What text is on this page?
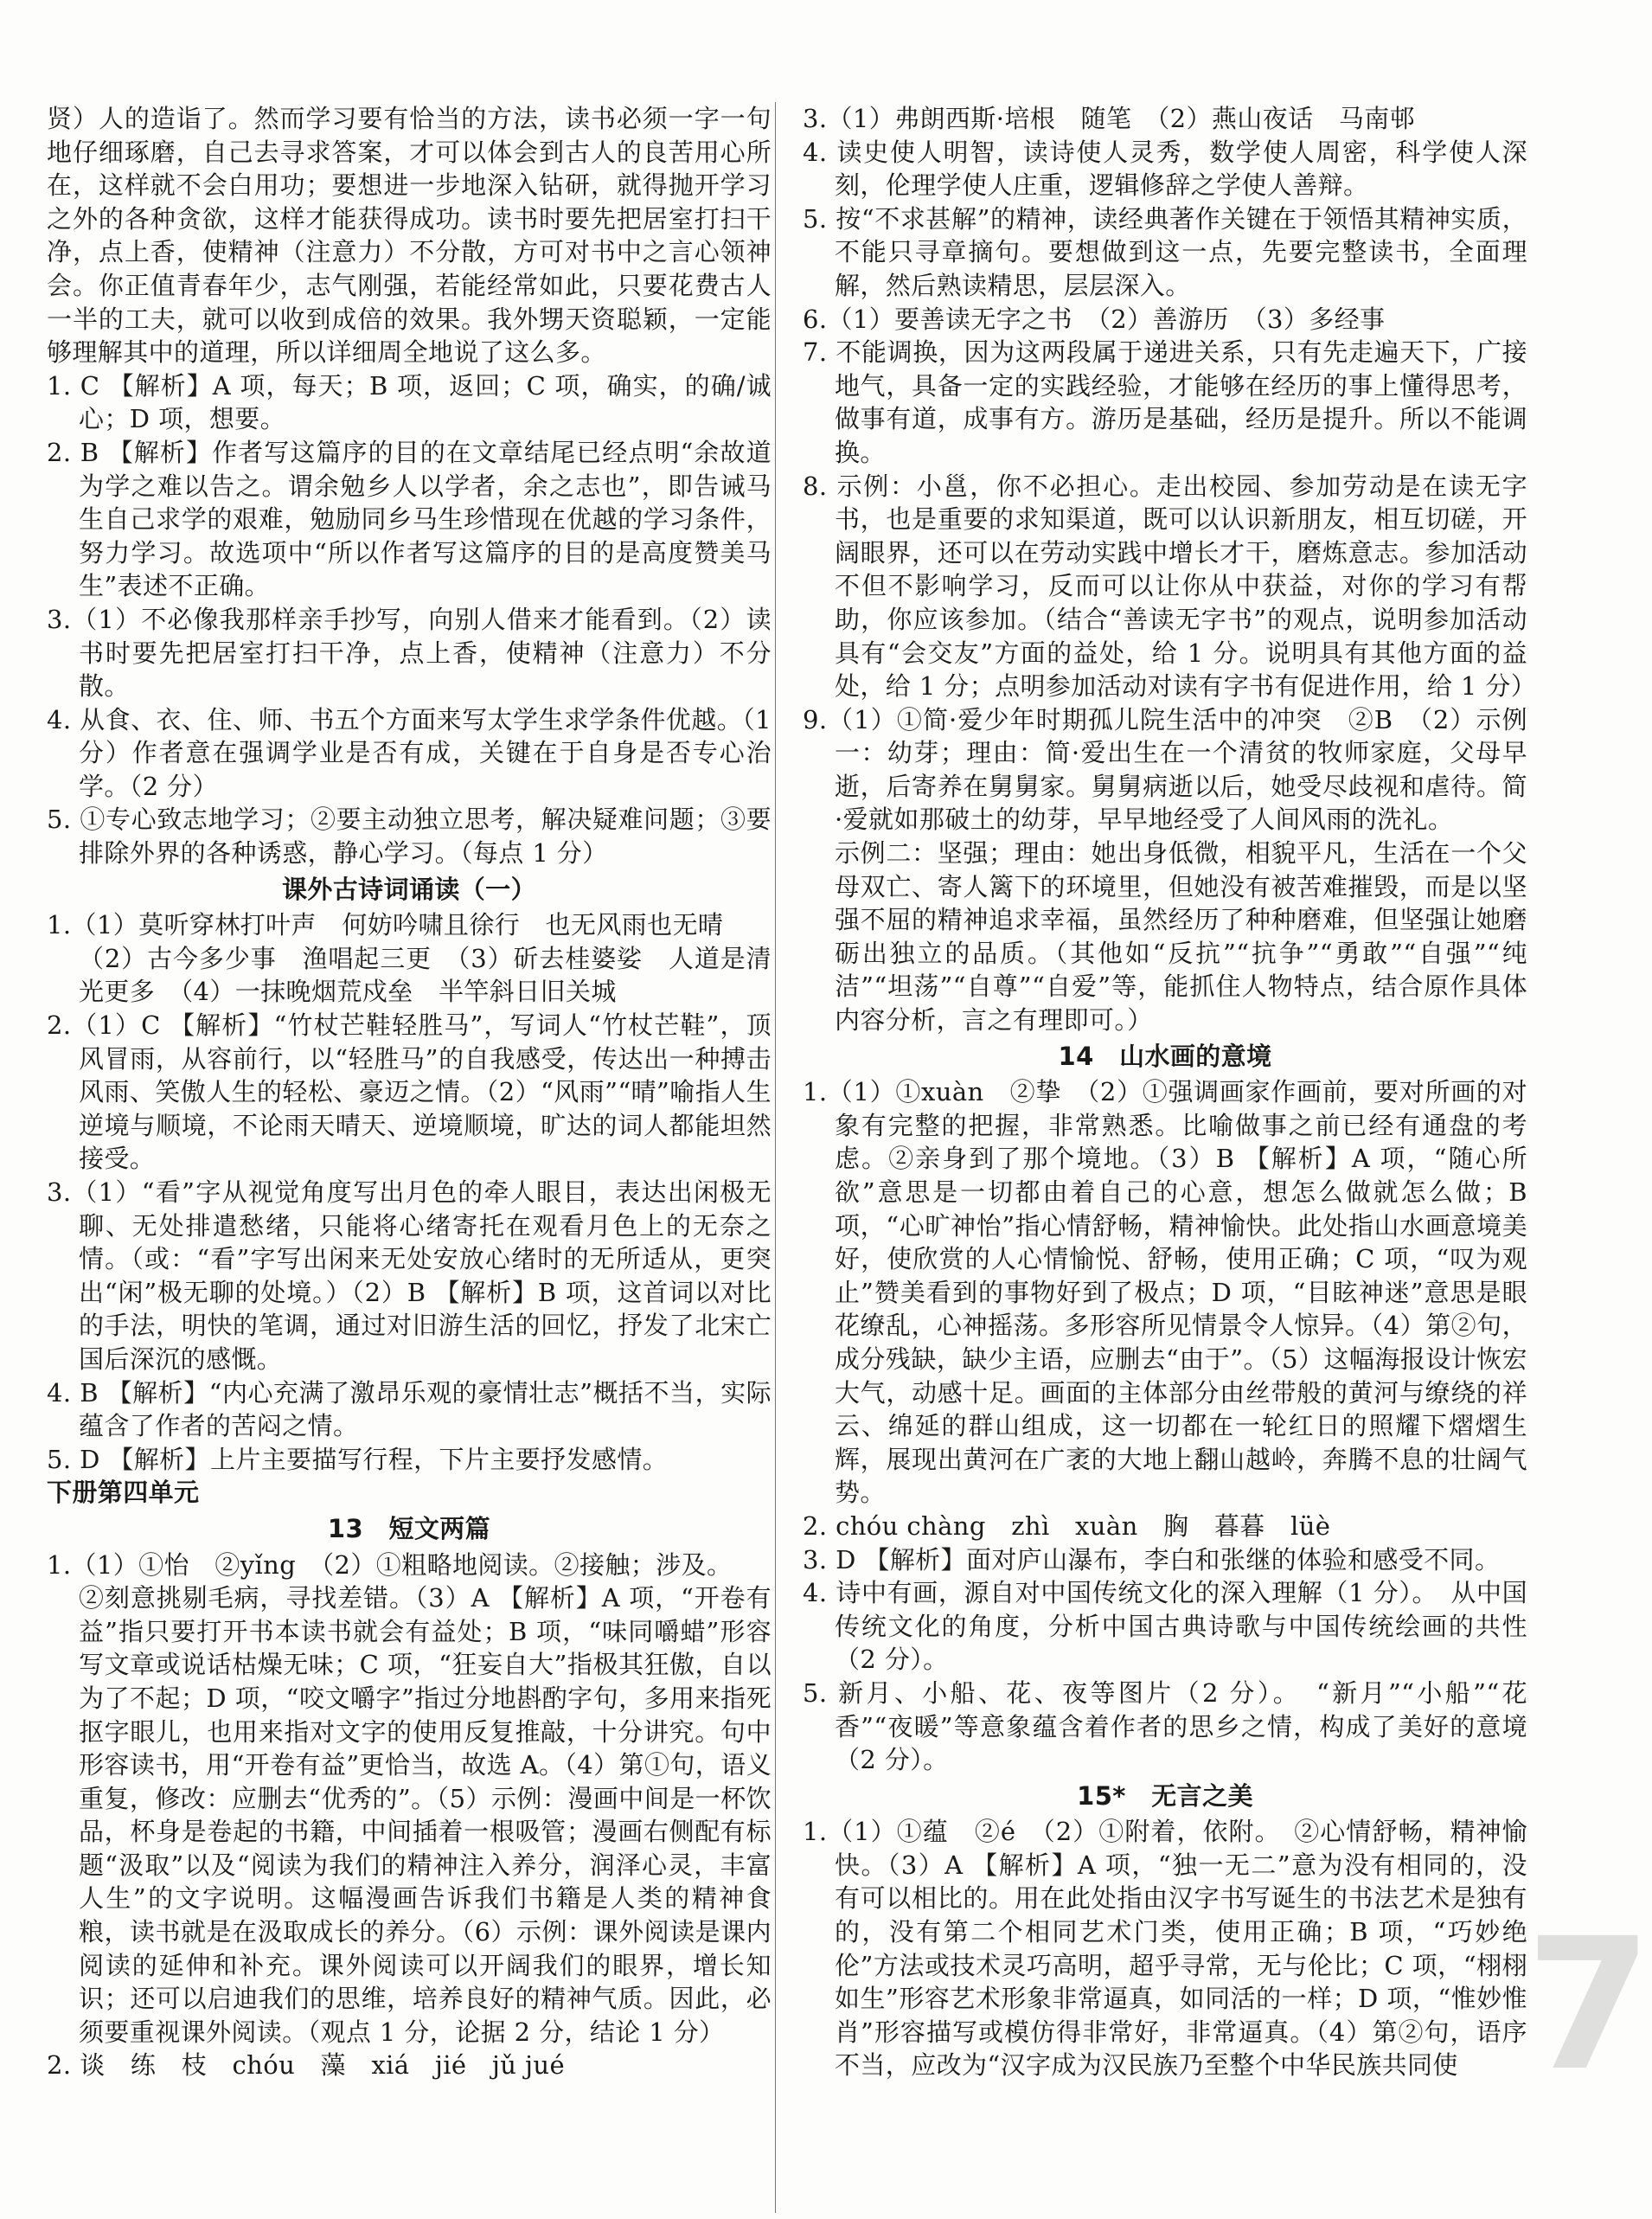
贤）人的造诣了。然而学习要有恰当的方法，读书必须一字一句地仔细琢磨，自己去寻求答案，才可以体会到古人的良苦用心所在，这样就不会白用功；要想进一步地深入钻研，就得抛开学习之外的各种贪欲，这样才能获得成功。读书时要先把居室打扫干净，点上香，使精神（注意力）不分散，方可对书中之言心领神会。你正值青春年少，志气刚强，若能经常如此，只要花费古人一半的工夫，就可以收到成倍的效果。我外甥天资聪颖，一定能够理解其中的道理，所以详细周全地说了这么多。

1. C 【解析】A 项，每天；B 项，返回；C 项，确实，的确/诚心；D 项，想要。

2. B 【解析】作者写这篇序的目的在文章结尾已经点明“余故道为学之难以告之。谓余勉乡人以学者，余之志也”，即告诫马生自己求学的艰难，勉励同乡马生珍惜现在优越的学习条件，努力学习。故选项中“所以作者写这篇序的目的是高度赞美马生”表述不正确。

3.（1）不必像我那样亲手抄写，向别人借来才能看到。（2）读书时要先把居室打扫干净，点上香，使精神（注意力）不分散。

4. 从食、衣、住、师、书五个方面来写太学生求学条件优越。（1 分）作者意在强调学业是否有成，关键在于自身是否专心治学。（2 分）

5. ①专心致志地学习；②要主动独立思考，解决疑难问题；③要排除外界的各种诱惑，静心学习。（每点 1 分）

课外古诗词诵读（一）

1.（1）莫听穿林打叶声　何妨吟啸且徐行　也无风雨也无晴

（2）古今多少事　渔唱起三更　（3）斫去桂婆娑　人道是清光更多　（4）一抹晚烟荒戍垒　半竿斜日旧关城

2.（1）C 【解析】“竹杖芒鞋轻胜马”，写词人“竹杖芒鞋”，顶风冒雨，从容前行，以“轻胜马”的自我感受，传达出一种搏击风雨、笑傲人生的轻松、豪迈之情。（2）“风雨”“晴”喻指人生逆境与顺境，不论雨天晴天、逆境顺境，旷达的词人都能坦然接受。

3.（1）“看”字从视觉角度写出月色的牵人眼目，表达出闲极无聊、无处排遣愁绪，只能将心绪寄托在观看月色上的无奈之情。（或：“看”字写出闲来无处安放心绪时的无所适从，更突出“闲”极无聊的处境。）（2）B 【解析】B 项，这首词以对比的手法，明快的笔调，通过对旧游生活的回忆，抒发了北宋亡国后深沉的感慨。

4. B 【解析】“内心充满了激昂乐观的豪情壮志”概括不当，实际蕴含了作者的苦闷之情。

5. D 【解析】上片主要描写行程，下片主要抒发感情。

下册第四单元

13　短文两篇

1.（1）①怡　②yǐng　（2）①粗略地阅读。②接触；涉及。

②刻意挑剔毛病，寻找差错。（3）A 【解析】A 项，“开卷有益”指只要打开书本读书就会有益处；B 项，“味同嚼蜡”形容写文章或说话枯燥无味；C 项，“狂妄自大”指极其狂傲，自以为了不起；D 项，“咬文嚼字”指过分地斟酌字句，多用来指死抠字眼儿，也用来指对文字的使用反复推敲，十分讲究。句中形容读书，用“开卷有益”更恰当，故选 A。（4）第①句，语义重复，修改：应删去“优秀的”。（5）示例：漫画中间是一杯饮品，杯身是卷起的书籍，中间插着一根吸管；漫画右侧配有标题“汲取”以及“阅读为我们的精神注入养分，润泽心灵，丰富人生”的文字说明。这幅漫画告诉我们书籍是人类的精神食粮，读书就是在汲取成长的养分。（6）示例：课外阅读是课内阅读的延伸和补充。课外阅读可以开阔我们的眼界，增长知识；还可以启迪我们的思维，培养良好的精神气质。因此，必须要重视课外阅读。（观点 1 分，论据 2 分，结论 1 分）

2. 谈　练　枝　chóu　藻　xiá　jié　jǔ jué

3.（1）弗朗西斯·培根　随笔　（2）燕山夜话　马南邨

4. 读史使人明智，读诗使人灵秀，数学使人周密，科学使人深刻，伦理学使人庄重，逻辑修辞之学使人善辩。

5. 按“不求甚解”的精神，读经典著作关键在于领悟其精神实质，不能只寻章摘句。要想做到这一点，先要完整读书，全面理解，然后熟读精思，层层深入。

6.（1）要善读无字之书　（2）善游历　（3）多经事

7. 不能调换，因为这两段属于递进关系，只有先走遍天下，广接地气，具备一定的实践经验，才能够在经历的事上懂得思考，做事有道，成事有方。游历是基础，经历是提升。所以不能调换。

8. 示例：小邕，你不必担心。走出校园、参加劳动是在读无字书，也是重要的求知渠道，既可以认识新朋友，相互切磋，开阔眼界，还可以在劳动实践中增长才干，磨炼意志。参加活动不但不影响学习，反而可以让你从中获益，对你的学习有帮助，你应该参加。（结合“善读无字书”的观点，说明参加活动具有“会交友”方面的益处，给 1 分。说明具有其他方面的益处，给 1 分；点明参加活动对读有字书有促进作用，给 1 分）

9.（1）①简·爱少年时期孤儿院生活中的冲突　②B　（2）示例一：幼芽；理由：简·爱出生在一个清贫的牧师家庭，父母早逝，后寄养在舅舅家。舅舅病逝以后，她受尽歧视和虐待。简·爱就如那破土的幼芽，早早地经受了人间风雨的洗礼。

示例二：坚强；理由：她出身低微，相貌平凡，生活在一个父母双亡、寄人篱下的环境里，但她没有被苦难摧毁，而是以坚强不屈的精神追求幸福，虽然经历了种种磨难，但坚强让她磨砺出独立的品质。（其他如“反抗”“抗争”“勇敢”“自强”“纯洁”“坦荡”“自尊”“自爱”等，能抓住人物特点，结合原作具体内容分析，言之有理即可。）

14　山水画的意境

1.（1）①xuàn　②挚　（2）①强调画家作画前，要对所画的对象有完整的把握，非常熟悉。比喻做事之前已经有通盘的考虑。②亲身到了那个境地。（3）B 【解析】A 项，“随心所欲”意思是一切都由着自己的心意，想怎么做就怎么做；B 项，“心旷神怡”指心情舒畅，精神愉快。此处指山水画意境美好，使欣赏的人心情愉悦、舒畅，使用正确；C 项，“叹为观止”赞美看到的事物好到了极点；D 项，“目眩神迷”意思是眼花缭乱，心神摇荡。多形容所见情景令人惊异。（4）第②句，成分残缺，缺少主语，应删去“由于”。（5）这幅海报设计恢宏大气，动感十足。画面的主体部分由丝带般的黄河与缭绕的祥云、绵延的群山组成，这一切都在一轮红日的照耀下熠熠生辉，展现出黄河在广袤的大地上翻山越岭，奔腾不息的壮阔气势。

2. chóu chàng　zhì　xuàn　胸　暮暮　lüè

3. D 【解析】面对庐山瀑布，李白和张继的体验和感受不同。

4. 诗中有画，源自对中国传统文化的深入理解（1 分）。　从中国传统文化的角度，分析中国古典诗歌与中国传统绘画的共性（2 分）。

5. 新月、小船、花、夜等图片（2 分）。　“新月”“小船”“花香”“夜暖”等意象蕴含着作者的思乡之情，构成了美好的意境（2 分）。

15*　无言之美

1.（1）①蕴　②é　（2）①附着，依附。　②心情舒畅，精神愉快。（3）A 【解析】A 项，“独一无二”意为没有相同的，没有可以相比的。用在此处指由汉字书写诞生的书法艺术是独有的，没有第二个相同艺术门类，使用正确；B 项，“巧妙绝伦”方法或技术灵巧高明，超乎寻常，无与伦比；C 项，“栩栩如生”形容艺术形象非常逼真，如同活的一样；D 项，“惟妙惟肖”形容描写或模仿得非常好，非常逼真。（4）第②句，语序不当，应改为“汉字成为汉民族乃至整个中华民族共同使 7
